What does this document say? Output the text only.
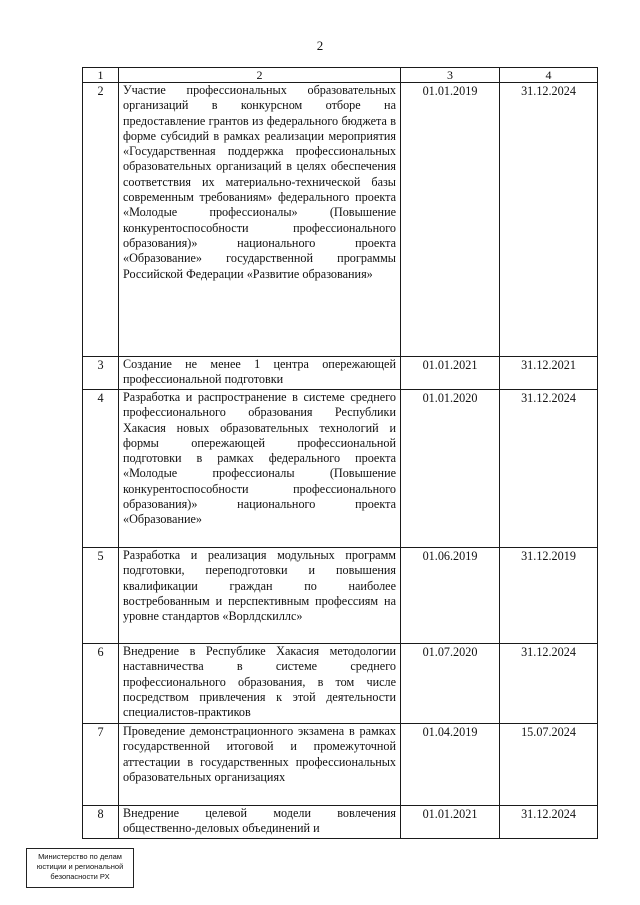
2
1	2	3	4
2	Участие профессиональных образовательных организаций в конкурсном отборе на предоставление грантов из федерального бюджета в форме субсидий в рамках реализации мероприятия «Государственная поддержка профессиональных образовательных организаций в целях обеспечения соответствия их материально-технической базы современным требованиям» федерального проекта «Молодые профессионалы» (Повышение конкурентоспособности профессионального образования)» национального проекта «Образование» государственной программы Российской Федерации «Развитие образования»	01.01.2019	31.12.2024
3	Создание не менее 1 центра опережающей профессиональной подготовки	01.01.2021	31.12.2021
4	Разработка и распространение в системе среднего профессионального образования Республики Хакасия новых образовательных технологий и формы опережающей профессиональной подготовки в рамках федерального проекта «Молодые профессионалы (Повышение конкурентоспособности профессионального образования)» национального проекта «Образование»	01.01.2020	31.12.2024
5	Разработка и реализация модульных программ подготовки, переподготовки и повышения квалификации граждан по наиболее востребованным и перспективным профессиям на уровне стандартов «Ворлдскиллс»	01.06.2019	31.12.2019
6	Внедрение в Республике Хакасия методологии наставничества в системе среднего профессионального образования, в том числе посредством привлечения к этой деятельности специалистов-практиков	01.07.2020	31.12.2024
7	Проведение демонстрационного экзамена в рамках государственной итоговой и промежуточной аттестации в государственных профессиональных образовательных организациях	01.04.2019	15.07.2024
8	Внедрение целевой модели вовлечения общественно-деловых объединений и	01.01.2021	31.12.2024
Министерство по делам
юстиции и региональной
безопасности РХ
